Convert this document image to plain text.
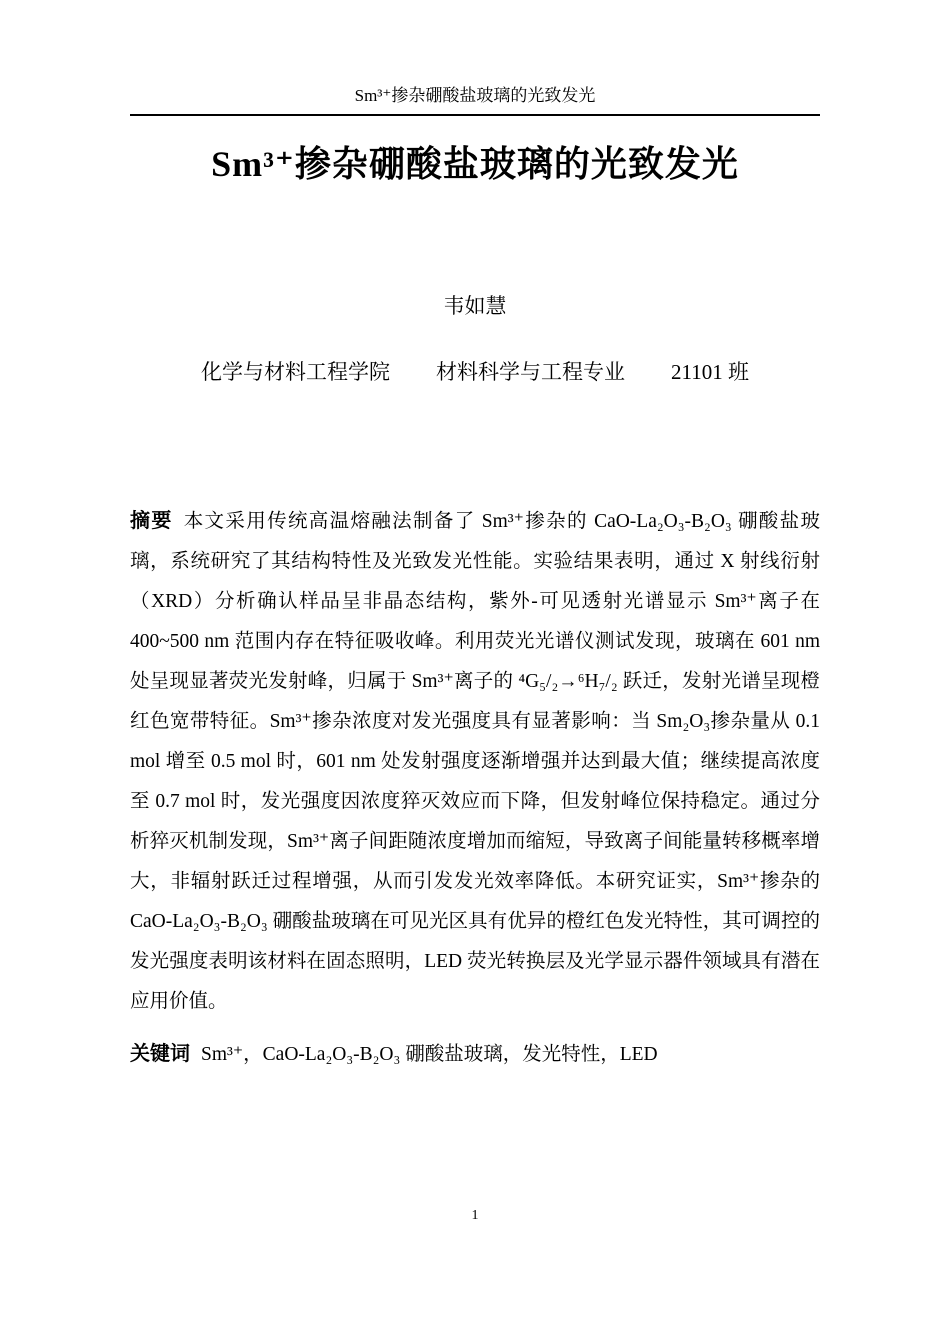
Sm³⁺掺杂硼酸盐玻璃的光致发光
Sm³⁺掺杂硼酸盐玻璃的光致发光
韦如慧
化学与材料工程学院 材料科学与工程专业 21101 班

摘要 本文采用传统高温熔融法制备了 Sm³⁺掺杂的 CaO-La₂O₃-B₂O₃ 硼酸盐玻璃，系统研究了其结构特性及光致发光性能。实验结果表明，通过 X 射线衍射（XRD）分析确认样品呈非晶态结构，紫外-可见透射光谱显示 Sm³⁺离子在 400~500 nm 范围内存在特征吸收峰。利用荧光光谱仪测试发现，玻璃在 601 nm 处呈现显著荧光发射峰，归属于 Sm³⁺离子的 ⁴G₅/₂→⁶H₇/₂ 跃迁，发射光谱呈现橙红色宽带特征。Sm³⁺掺杂浓度对发光强度具有显著影响：当 Sm₂O₃掺杂量从 0.1 mol 增至 0.5 mol 时，601 nm 处发射强度逐渐增强并达到最大值；继续提高浓度至 0.7 mol 时，发光强度因浓度猝灭效应而下降，但发射峰位保持稳定。通过分析猝灭机制发现，Sm³⁺离子间距随浓度增加而缩短，导致离子间能量转移概率增大，非辐射跃迁过程增强，从而引发发光效率降低。本研究证实，Sm³⁺掺杂的 CaO-La₂O₃-B₂O₃ 硼酸盐玻璃在可见光区具有优异的橙红色发光特性，其可调控的发光强度表明该材料在固态照明，LED 荧光转换层及光学显示器件领域具有潜在应用价值。

关键词 Sm³⁺，CaO-La₂O₃-B₂O₃ 硼酸盐玻璃，发光特性，LED

1
